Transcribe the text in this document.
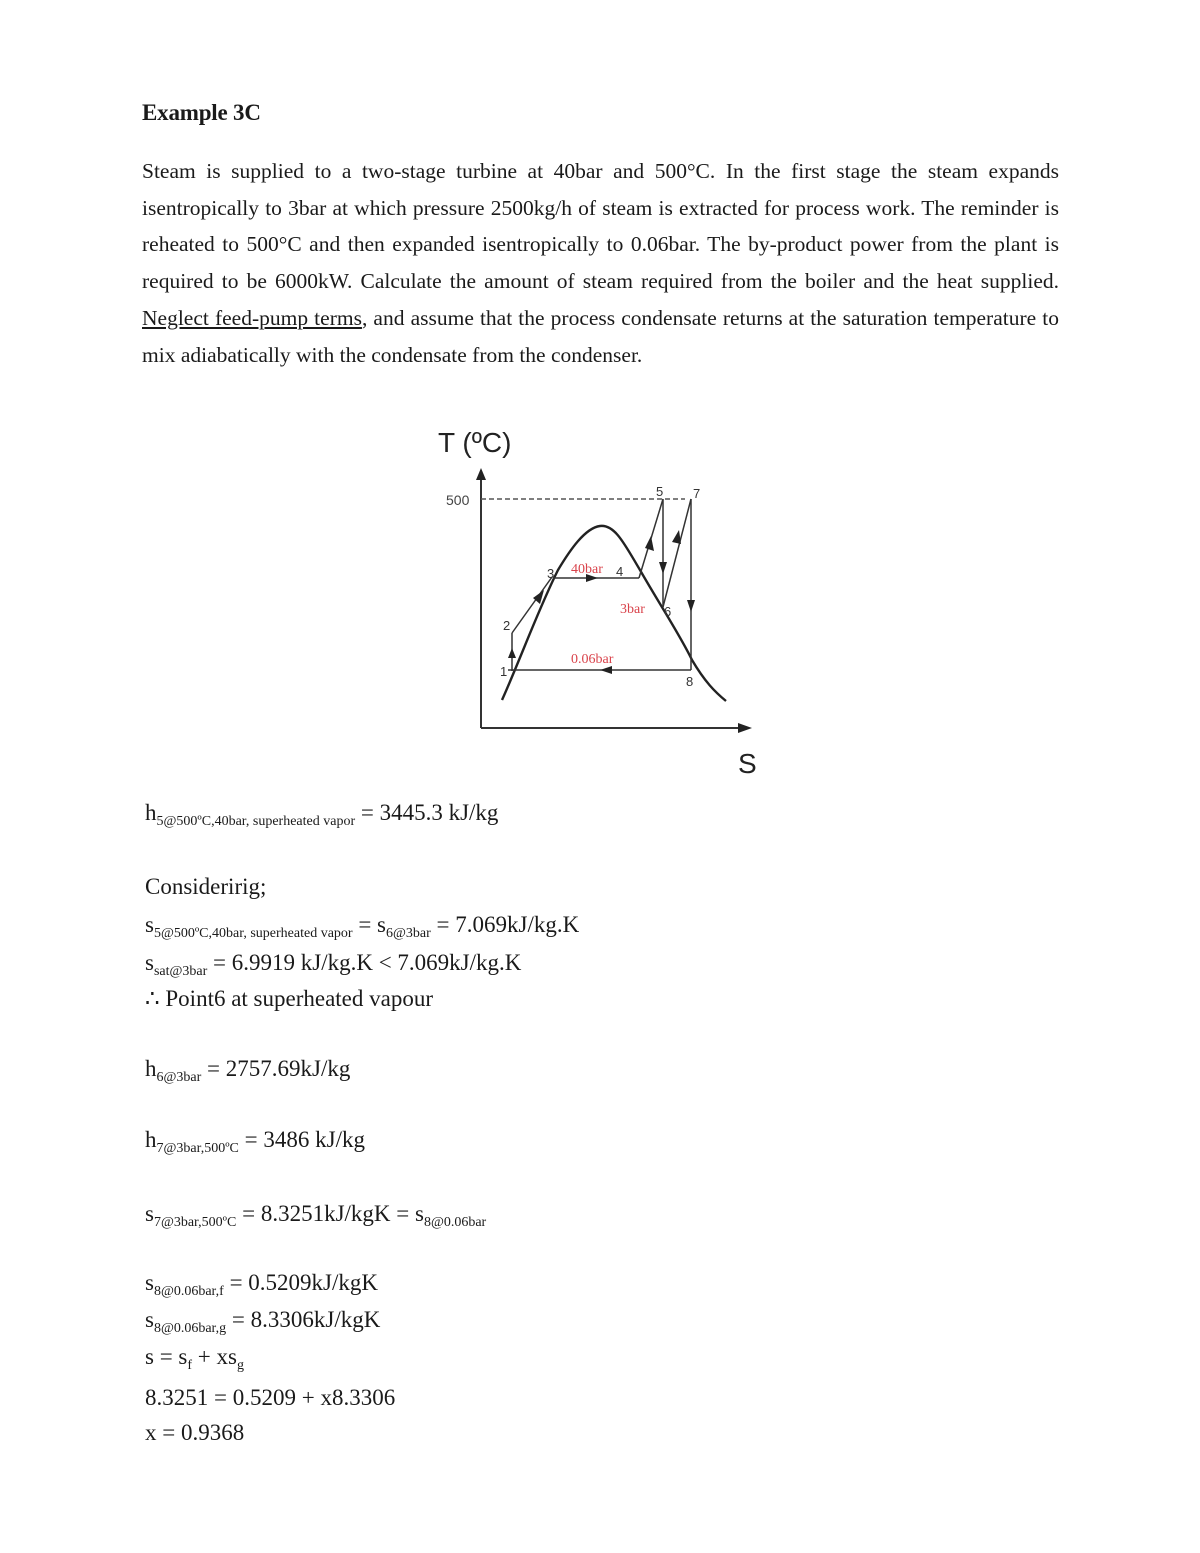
Example 3C
Steam is supplied to a two-stage turbine at 40bar and 500°C. In the first stage the steam expands isentropically to 3bar at which pressure 2500kg/h of steam is extracted for process work. The reminder is reheated to 500°C and then expanded isentropically to 0.06bar. The by-product power from the plant is required to be 6000kW. Calculate the amount of steam required from the boiler and the heat supplied. Neglect feed-pump terms, and assume that the process condensate returns at the saturation temperature to mix adiabatically with the condensate from the condenser.
T (ºC)
S
500
1
2
3	4
5
6
7
8
40bar
3bar
0.06bar
$h_{5@500ºC,40bar, superheated vapor} = 3445.3$ kJ/kg
Consideririg;
$s_{5@500ºC,40bar, superheated vapor} = s_{6@3bar} = 7.069kJ/kg.K$
$s_{sat@3bar} = 6.9919$ kJ/kg.K < 7.069kJ/kg.K
∴ Point6 at superheated vapour
$h_{6@3bar} = 2757.69kJ/kg$
$h_{7@3bar,500ºC} = 3486$ kJ/kg
$s_{7@3bar,500ºC} = 8.3251kJ/kgK = s_{8@0.06bar}$
$s_{8@0.06bar,f} = 0.5209kJ/kgK$
$s_{8@0.06bar,g} = 8.3306kJ/kgK$
$s = s_f + xs_g$
8.3251 = 0.5209 + x8.3306
x = 0.9368
